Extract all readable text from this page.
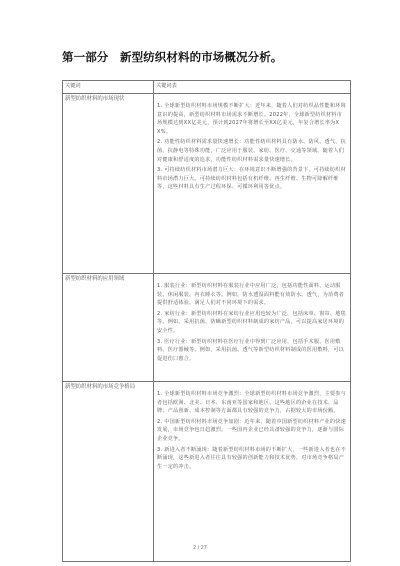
第一部分　新型纺织材料的市场概况分析。
关键词	关键词表
新型纺织材料的市场现状	1. 全球新型纺织材料市场规模不断扩大：近年来，随着人们对纺织品性能和环境意识的提高，新型纺织材料市场需求不断增长。2022年，全球新型纺织材料市场规模达到XX亿美元，预计到2027年将增长至XX亿美元，年复合增长率为XX%。

2. 功能性纺织材料需求量快速增长：功能性纺织材料具有防水、防风、透气、抗菌、抗静电等特殊功能，广泛应用于服装、家纺、医疗、交通等领域。随着人们对健康和舒适度的追求，功能性纺织材料需求量快速增长。

3. 可持续纺织材料市场潜力巨大：在环境意识不断增强的背景下，可持续纺织材料市场潜力巨大。可持续纺织材料包括有机纤维、再生纤维、生物可降解纤维等，这些材料具有生产过程环保、可循环利用等优点。

新型纺织材料的应用领域	1. 服装行业：新型纺织材料在服装行业中应用广泛，包括功能性面料、运动服装、休闲服装、内衣睡衣等。例如，防水透湿面料能有效防水、透气，为消费者提供舒适体验，满足人们对不同环境下的需求。

2. 家纺行业：新型纺织材料在家纺行业应用也较为广泛，包括床单、窗帘、地毯等。例如，采用抗菌、防螨新型纺织材料制成的家纺产品，可以提高家居环境的安全性。

3. 医疗行业：新型纺织材料在医疗行业中得到广泛应用，包括手术服、医用敷料、医疗器械等。例如，采用抗菌、透气等新型纺织材料制成的医用敷料，可以促进伤口愈合。

新型纺织材料的市场竞争格局	1. 全球新型纺织材料市场竞争激烈：全球新型纺织材料市场竞争激烈，主要参与者包括欧洲、北美、日本、东南亚等国家和地区。这些地区的企业在技术、品牌、产品创新、成本控制等方面都具有较强的竞争力，占据较大的市场份额。

2. 中国新型纺织材料市场竞争加剧：近年来，随着中国新型纺织材料产业的快速发展，市场竞争也日趋激烈。一些国内企业已经具备较强的竞争力，逐渐与国际企业竞争。

3. 新进入者不断涌现：随着新型纺织材料市场的不断扩大，一些新进入者也在不断涌现，这些新进入者往往具有较强的创新能力和技术优势，对市场竞争格局产生一定的冲击。

2 / 27
